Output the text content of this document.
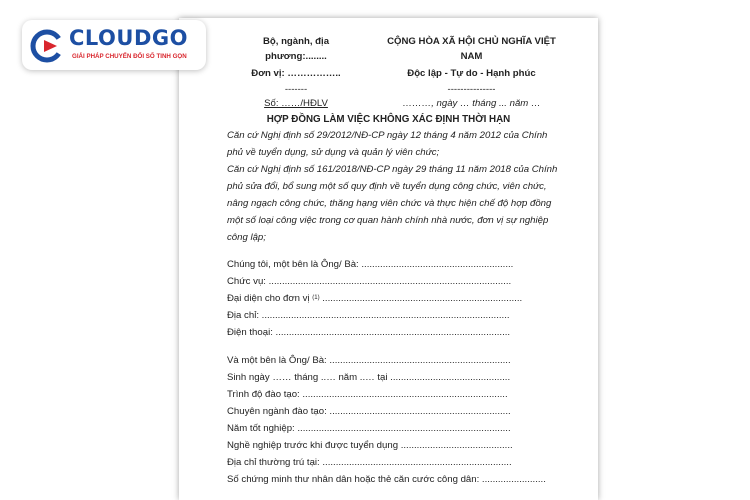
CLOUDGO
GIẢI PHÁP CHUYỂN ĐỔI SỐ TINH GỌN
Bộ, ngành, địa
phương:........
Đơn vị: ……………..
-------
Số: ……/HĐLV
CỘNG HÒA XÃ HỘI CHỦ NGHĨA VIỆT
NAM
Độc lập - Tự do - Hạnh phúc
---------------
………, ngày … tháng ... năm …
HỢP ĐỒNG LÀM VIỆC KHÔNG XÁC ĐỊNH THỜI HẠN
Căn cứ Nghị định số 29/2012/NĐ-CP ngày 12 tháng 4 năm 2012 của Chính
phủ về tuyển dụng, sử dụng và quản lý viên chức;
Căn cứ Nghị định số 161/2018/NĐ-CP ngày 29 tháng 11 năm 2018 của Chính
phủ sửa đổi, bổ sung một số quy định về tuyển dụng công chức, viên chức,
nâng ngạch công chức, thăng hạng viên chức và thực hiện chế độ hợp đồng
một số loại công việc trong cơ quan hành chính nhà nước, đơn vị sự nghiệp
công lập;
Chúng tôi, một bên là Ông/ Bà: .........................................................
Chức vụ: ...........................................................................................
Đại diện cho đơn vị $^{(1)}$ ...........................................................................
Địa chỉ: .............................................................................................
Điện thoại: ........................................................................................
Và một bên là Ông/ Bà: ....................................................................
Sinh ngày …… tháng ..… năm ..… tại .............................................
Trình độ đào tạo: .............................................................................
Chuyên ngành đào tạo: ....................................................................
Năm tốt nghiệp: ................................................................................
Nghề nghiệp trước khi được tuyển dụng ..........................................
Địa chỉ thường trú tại: .......................................................................
Số chứng minh thư nhân dân hoặc thẻ căn cước công dân: ........................
